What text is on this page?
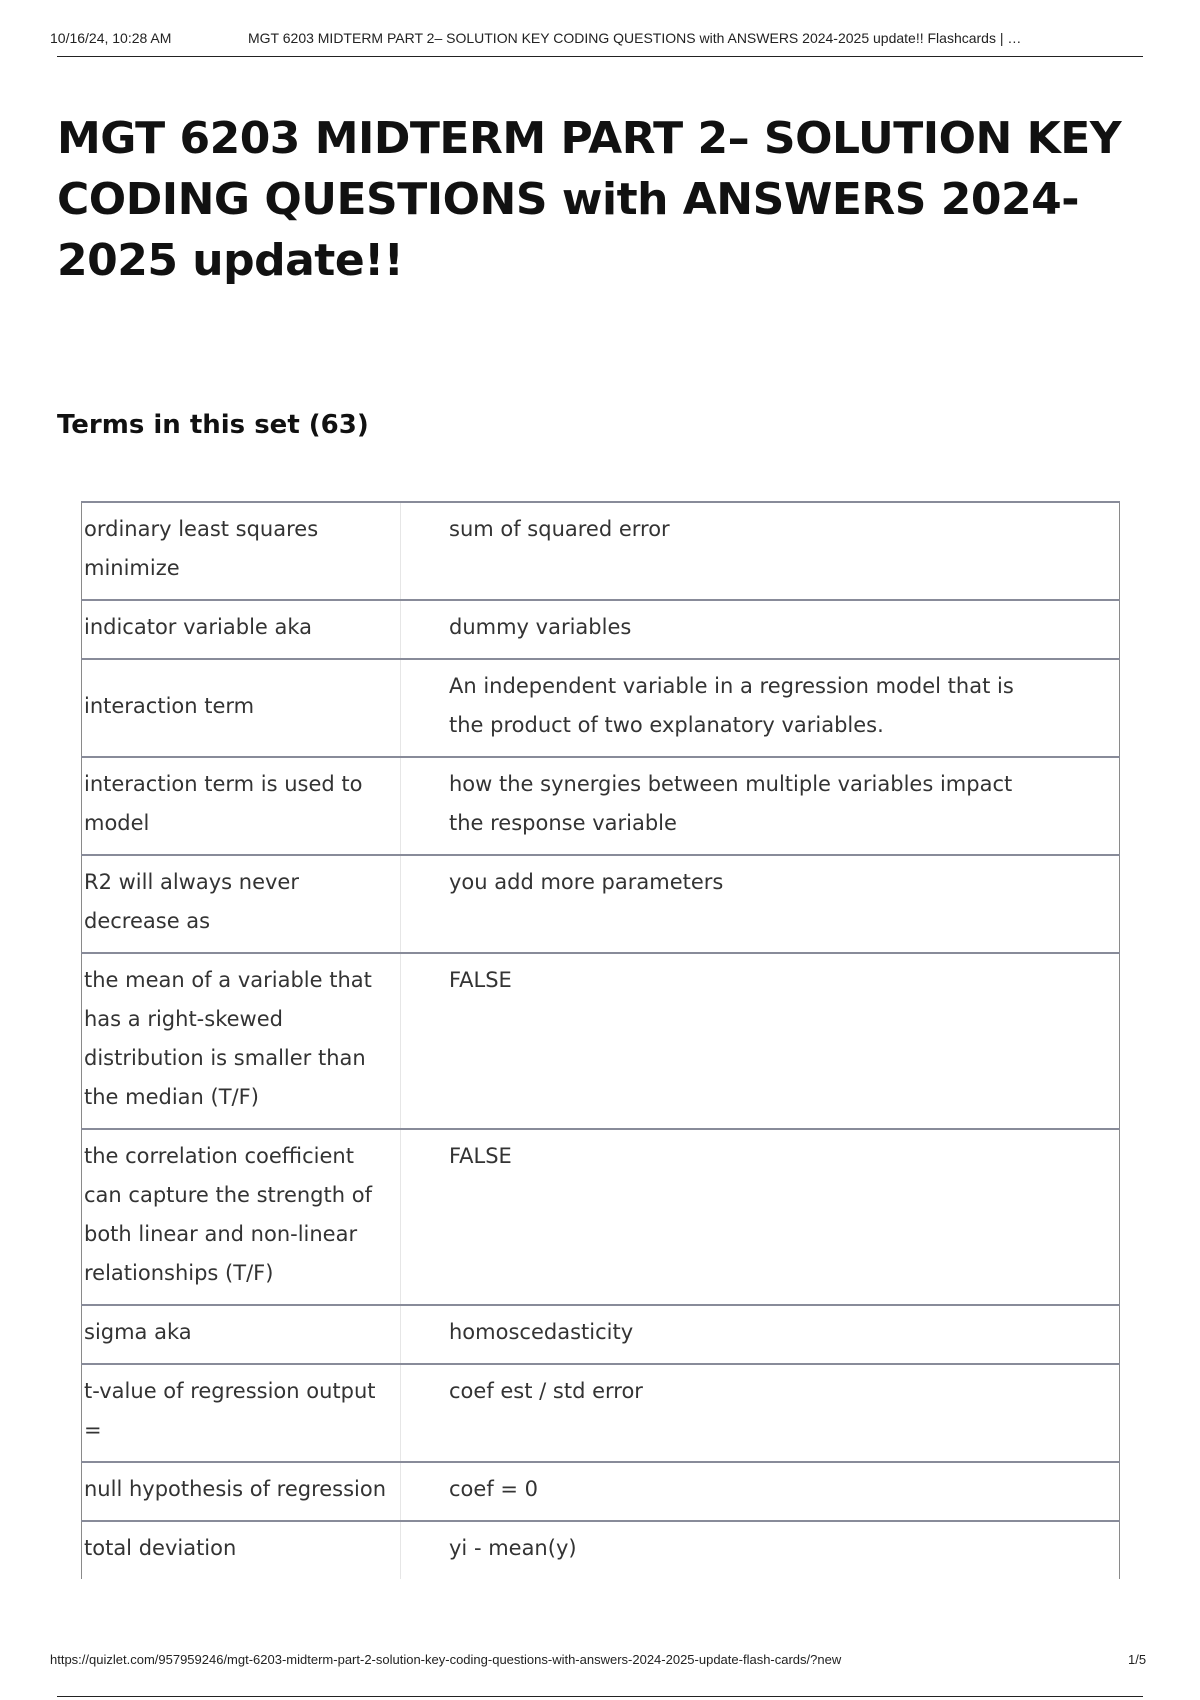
10/16/24, 10:28 AM	MGT 6203 MIDTERM PART 2– SOLUTION KEY CODING QUESTIONS with ANSWERS 2024-2025 update!! Flashcards | …
MGT 6203 MIDTERM PART 2– SOLUTION KEY CODING QUESTIONS with ANSWERS 2024-2025 update!!
Terms in this set (63)
ordinary least squares minimize	sum of squared error
indicator variable aka	dummy variables
interaction term	An independent variable in a regression model that is the product of two explanatory variables.
interaction term is used to model	how the synergies between multiple variables impact the response variable
R2 will always never decrease as	you add more parameters
the mean of a variable that has a right-skewed distribution is smaller than the median (T/F)	FALSE
the correlation coefficient can capture the strength of both linear and non-linear relationships (T/F)	FALSE
sigma aka	homoscedasticity
t-value of regression output =	coef est / std error
null hypothesis of regression	coef = 0
total deviation	yi - mean(y)
https://quizlet.com/957959246/mgt-6203-midterm-part-2-solution-key-coding-questions-with-answers-2024-2025-update-flash-cards/?new	1/5
